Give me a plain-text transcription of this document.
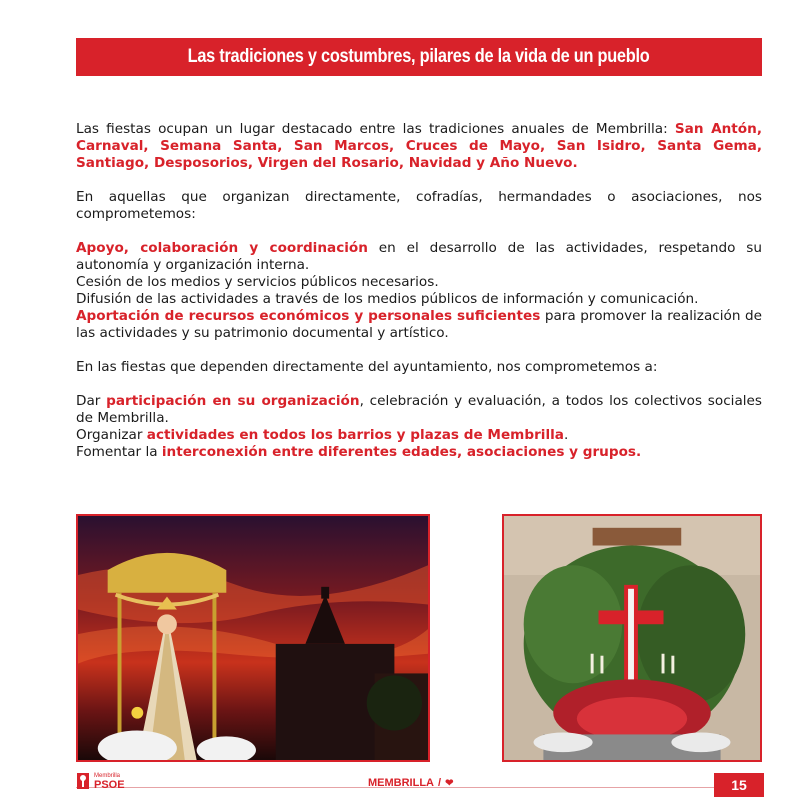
Las tradiciones y costumbres, pilares de la vida de un pueblo

Las fiestas ocupan un lugar destacado entre las tradiciones anuales de Membrilla: San Antón, Carnaval, Semana Santa, San Marcos, Cruces de Mayo, San Isidro, Santa Gema, Santiago, Desposorios, Virgen del Rosario, Navidad y Año Nuevo.

En aquellas que organizan directamente, cofradías, hermandades o asociaciones, nos comprometemos:

Apoyo, colaboración y coordinación en el desarrollo de las actividades, respetando su autonomía y organización interna.

Cesión de los medios y servicios públicos necesarios.

Difusión de las actividades a través de los medios públicos de información y comunicación.

Aportación de recursos económicos y personales suficientes para promover la realización de las actividades y su patrimonio documental y artístico.

En las fiestas que dependen directamente del ayuntamiento, nos comprometemos a:

Dar participación en su organización, celebración y evaluación, a todos los colectivos sociales de Membrilla.

Organizar actividades en todos los barrios y plazas de Membrilla.

Fomentar la interconexión entre diferentes edades, asociaciones y grupos.

Membrilla
PSOE	MEMBRILLA / ❤	15
